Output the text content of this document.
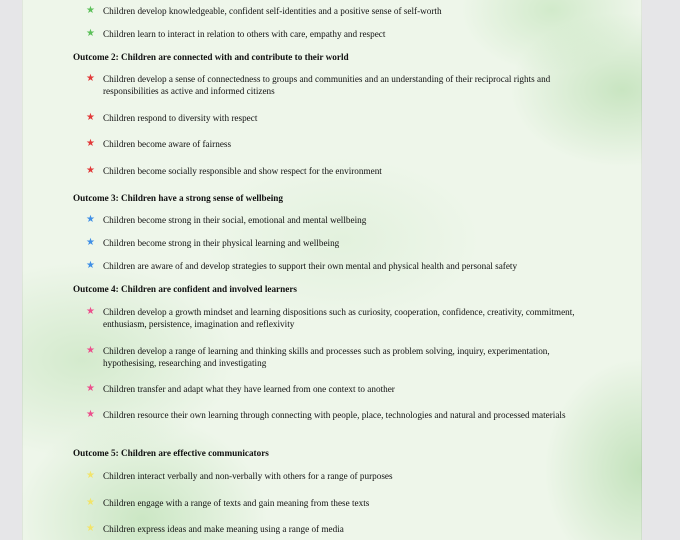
★ Children develop knowledgeable, confident self-identities and a positive sense of self-worth
★ Children learn to interact in relation to others with care, empathy and respect
Outcome 2: Children are connected with and contribute to their world
★ Children develop a sense of connectedness to groups and communities and an understanding of their reciprocal rights and responsibilities as active and informed citizens
★ Children respond to diversity with respect
★ Children become aware of fairness
★ Children become socially responsible and show respect for the environment
Outcome 3: Children have a strong sense of wellbeing
★ Children become strong in their social, emotional and mental wellbeing
★ Children become strong in their physical learning and wellbeing
★ Children are aware of and develop strategies to support their own mental and physical health and personal safety
Outcome 4: Children are confident and involved learners
★ Children develop a growth mindset and learning dispositions such as curiosity, cooperation, confidence, creativity, commitment, enthusiasm, persistence, imagination and reflexivity
★ Children develop a range of learning and thinking skills and processes such as problem solving, inquiry, experimentation, hypothesising, researching and investigating
★ Children transfer and adapt what they have learned from one context to another
★ Children resource their own learning through connecting with people, place, technologies and natural and processed materials
Outcome 5: Children are effective communicators
★ Children interact verbally and non-verbally with others for a range of purposes
★ Children engage with a range of texts and gain meaning from these texts
★ Children express ideas and make meaning using a range of media
